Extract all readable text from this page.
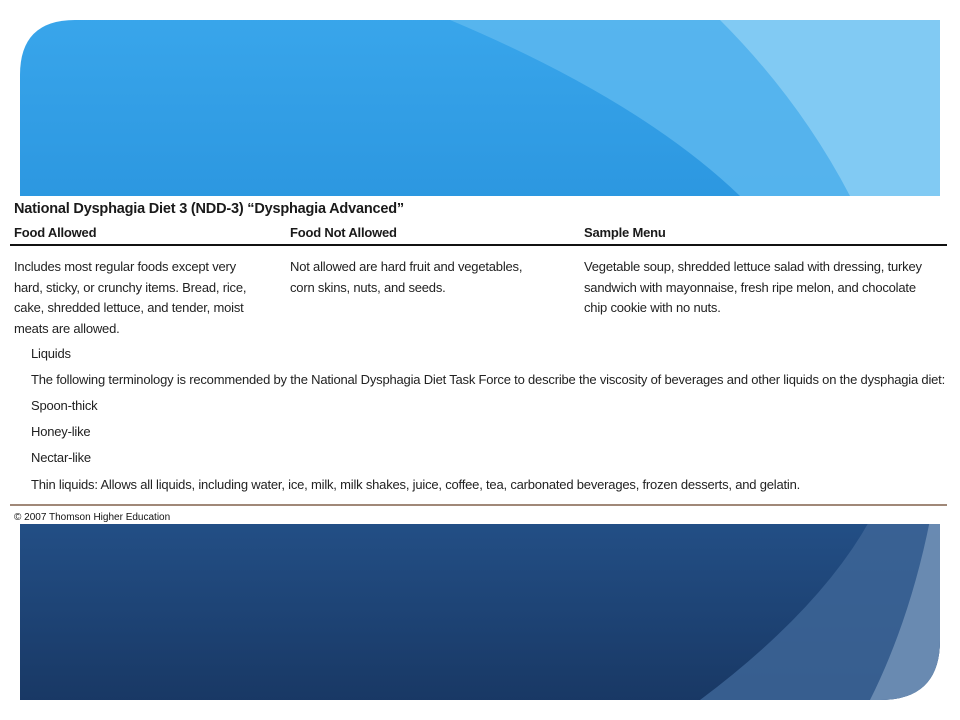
National Dysphagia Diet 3 (NDD-3) “Dysphagia Advanced”
Food Allowed	Food Not Allowed	Sample Menu
Includes most regular foods except very hard, sticky, or crunchy items. Bread, rice, cake, shredded lettuce, and tender, moist meats are allowed.
Not allowed are hard fruit and vegetables, corn skins, nuts, and seeds.
Vegetable soup, shredded lettuce salad with dressing, turkey sandwich with mayonnaise, fresh ripe melon, and chocolate chip cookie with no nuts.
Liquids
The following terminology is recommended by the National Dysphagia Diet Task Force to describe the viscosity of beverages and other liquids on the dysphagia diet:
Spoon-thick
Honey-like
Nectar-like
Thin liquids: Allows all liquids, including water, ice, milk, milk shakes, juice, coffee, tea, carbonated beverages, frozen desserts, and gelatin.
© 2007 Thomson Higher Education
